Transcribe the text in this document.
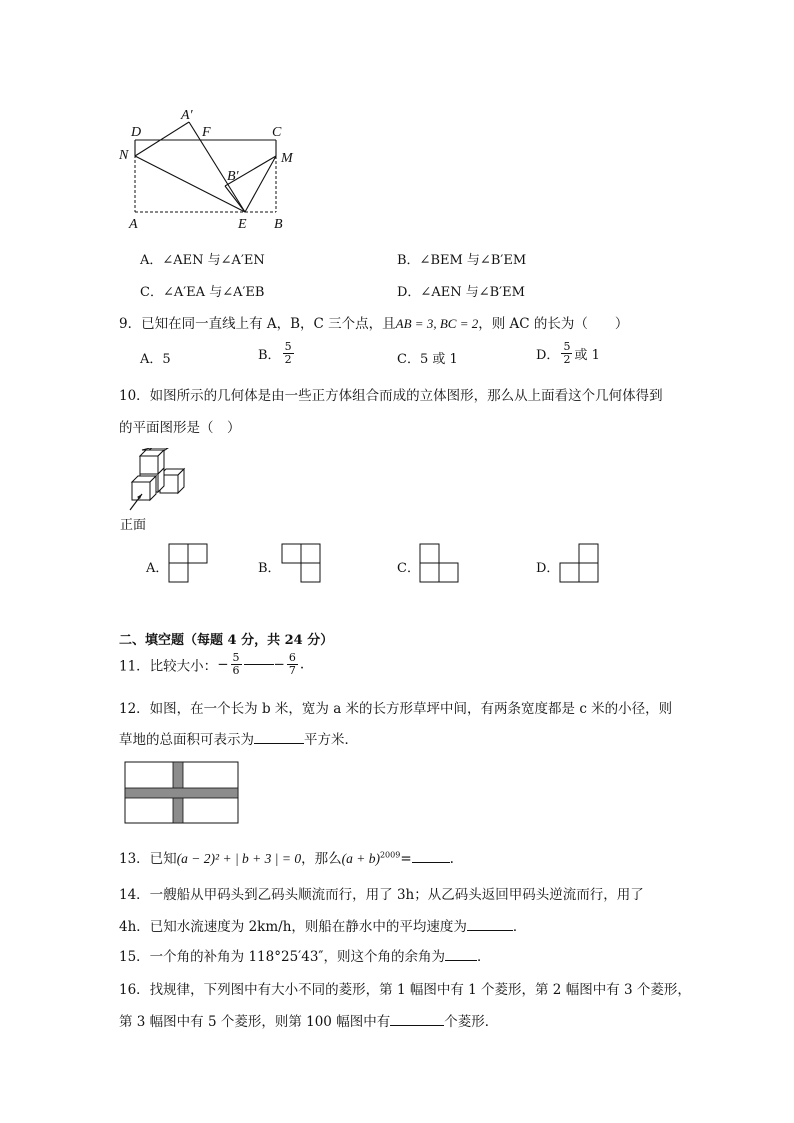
A′
D	F	C
N	M
B′
A	E B
A．∠AEN 与∠A′EN	B．∠BEM 与∠B′EM
C．∠A′EA 与∠A′EB	D．∠AEN 与∠B′EM
9．已知在同一直线上有 A，B，C 三个点，且AB = 3, BC = 2，则 AC 的长为（　　）
A．5	B． $\frac{5}{2}$	C．5 或 1	D． $\frac{5}{2}$ 或 1
10．如图所示的几何体是由一些正方体组合而成的立体图形，那么从上面看这个几何体得到
的平面图形是（　）
正面
A．	B．	C．	D．
二、填空题（每题 4 分，共 24 分）
11．比较大小：− $\frac{5}{6} - \frac{6}{7}$ .
12．如图，在一个长为 b 米，宽为 a 米的长方形草坪中间，有两条宽度都是 c 米的小径，则
草地的总面积可表示为	平方米．
13．已知(a − 2)² + | b + 3 | = 0，那么$(a + b)^{2009}=$	.
14．一艘船从甲码头到乙码头顺流而行，用了 3h；从乙码头返回甲码头逆流而行，用了
4h．已知水流速度为 2km/h，则船在静水中的平均速度为	．
15．一个角的补角为 118°25′43″，则这个角的余角为 ．
16．找规律，下列图中有大小不同的菱形，第 1 幅图中有 1 个菱形，第 2 幅图中有 3 个菱形，
第 3 幅图中有 5 个菱形，则第 100 幅图中有	个菱形．
